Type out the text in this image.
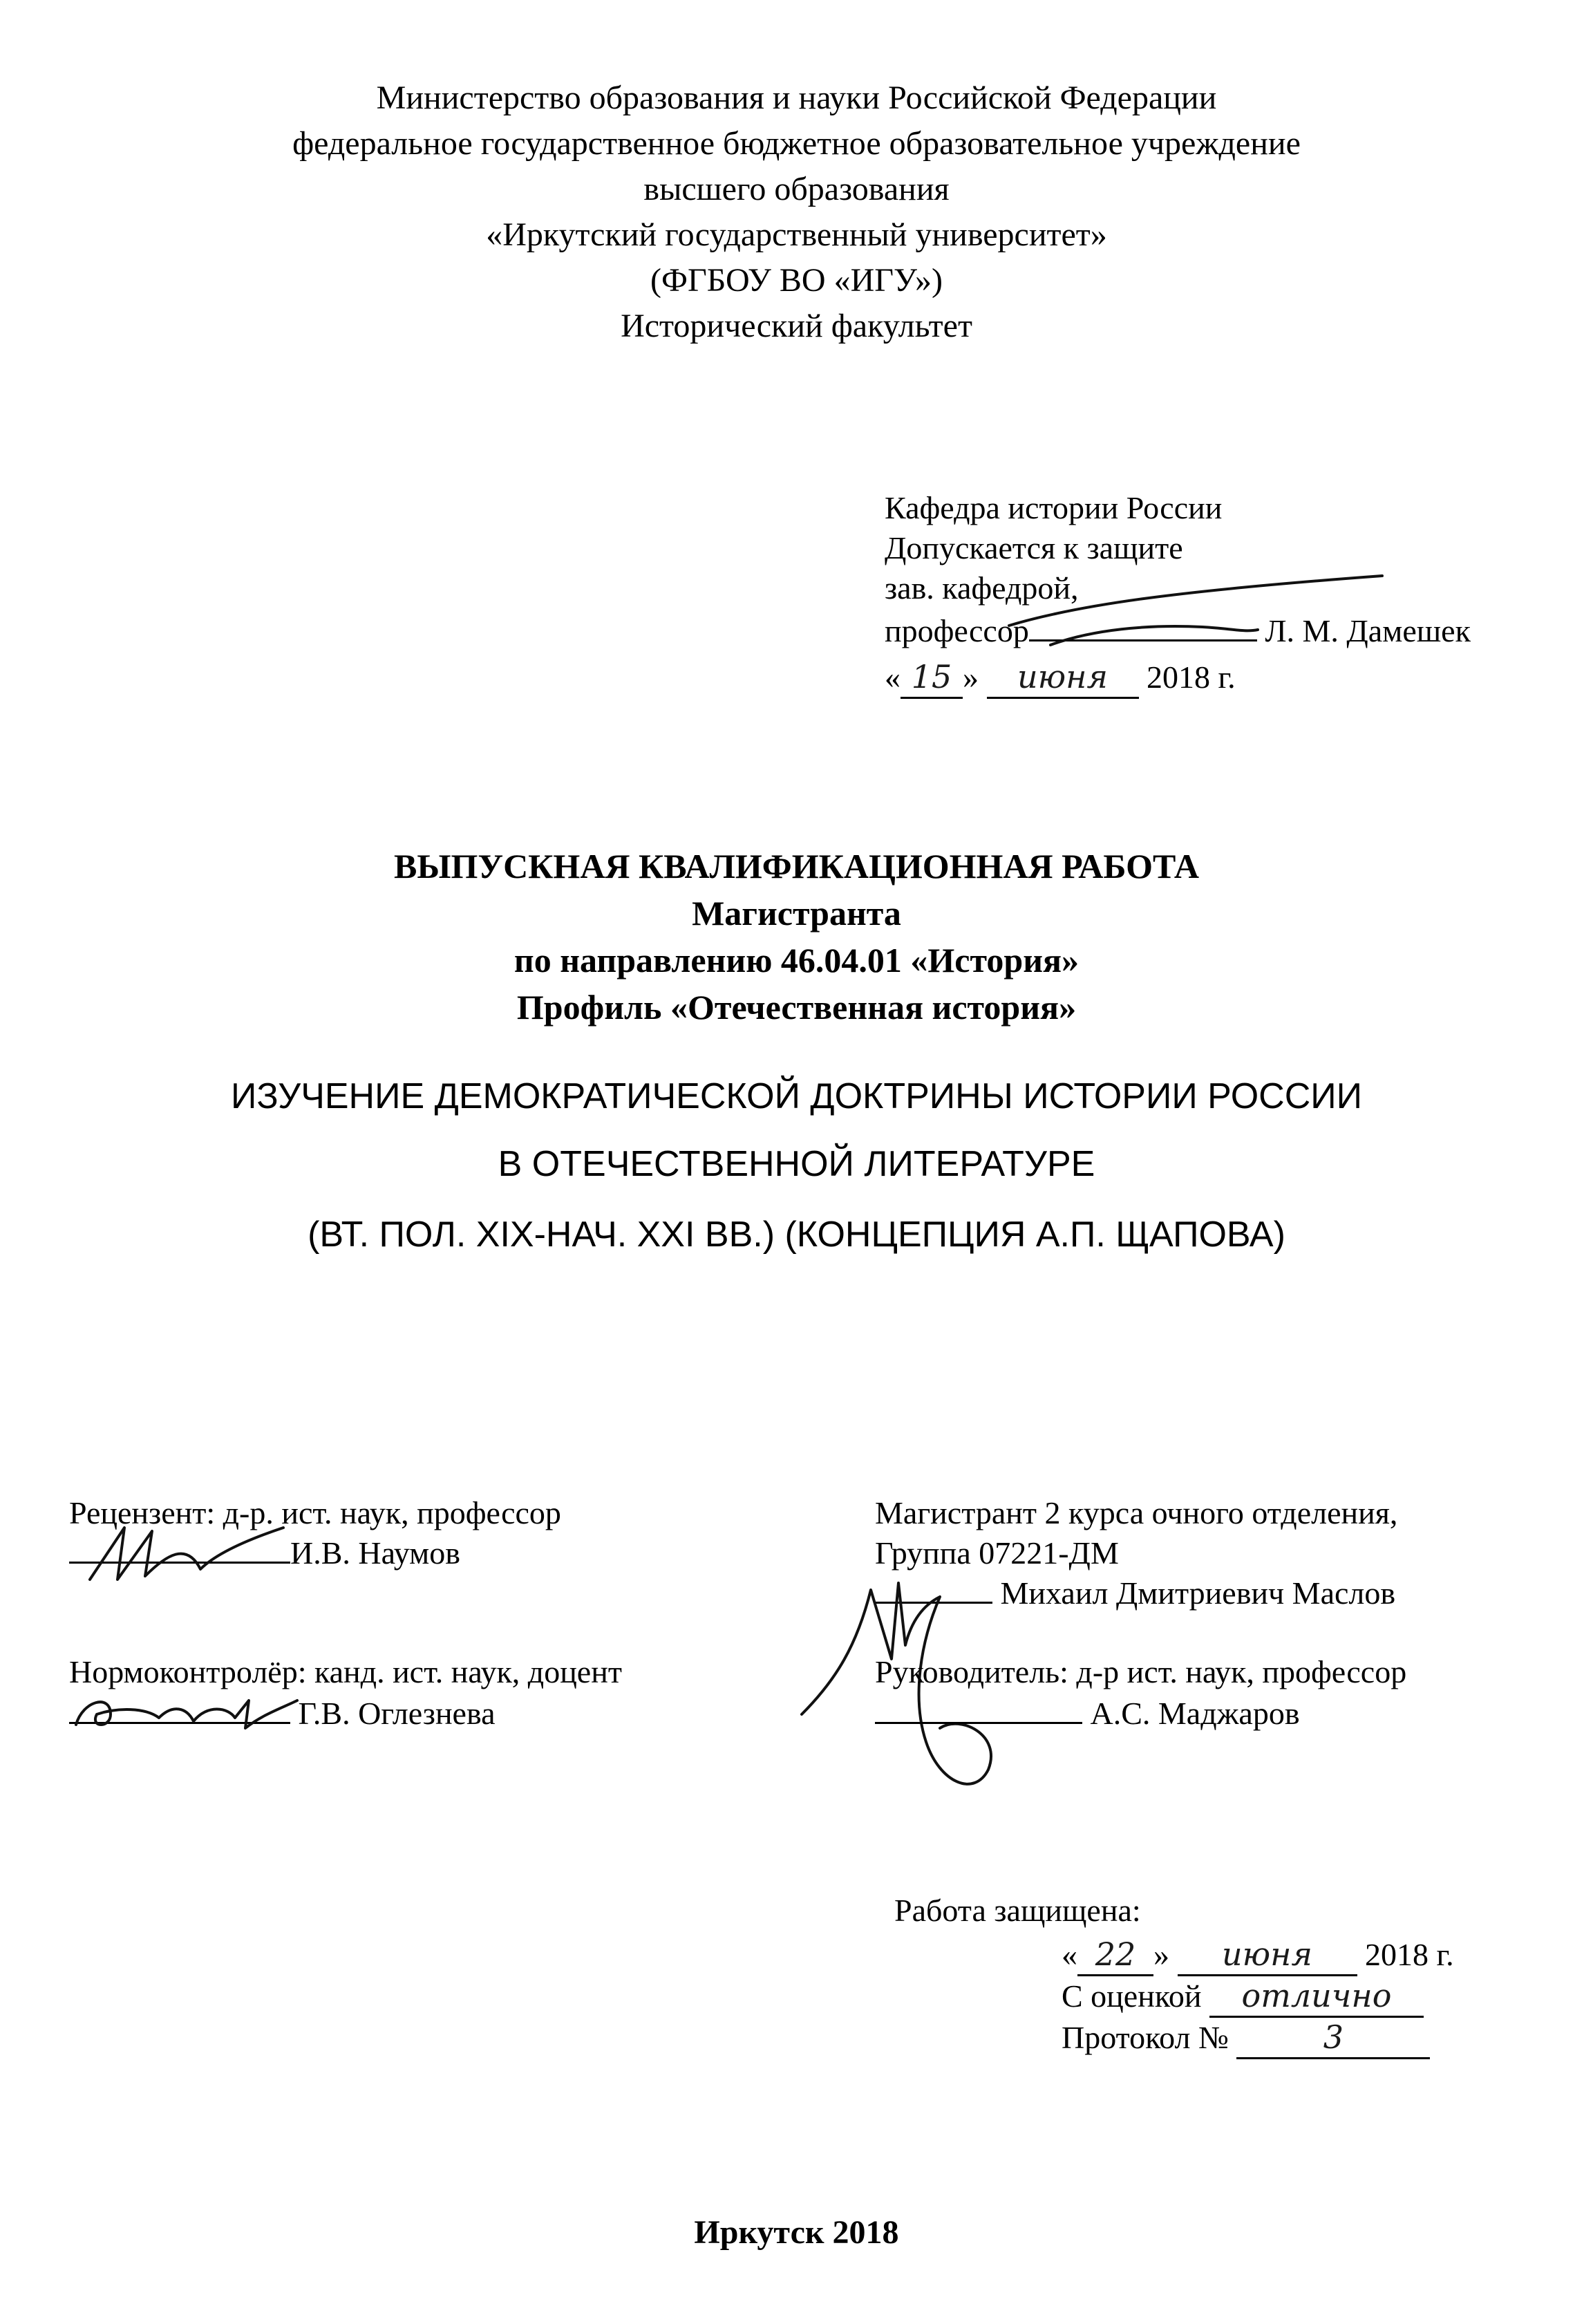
Министерство образования и науки Российской Федерации
федеральное государственное бюджетное образовательное учреждение
высшего образования
«Иркутский государственный университет»
(ФГБОУ ВО «ИГУ»)
Исторический факультет
Кафедра истории России
Допускается к защите
зав. кафедрой,
профессор	Л. М. Дамешек
« 15 » июня 2018 г.
ВЫПУСКНАЯ КВАЛИФИКАЦИОННАЯ РАБОТА
Магистранта
по направлению 46.04.01 «История»
Профиль «Отечественная история»
ИЗУЧЕНИЕ ДЕМОКРАТИЧЕСКОЙ ДОКТРИНЫ ИСТОРИИ РОССИИ
В ОТЕЧЕСТВЕННОЙ ЛИТЕРАТУРЕ
(ВТ. ПОЛ. XIX-НАЧ. XXI ВВ.) (КОНЦЕПЦИЯ А.П. ЩАПОВА)
Рецензент: д-р. ист. наук, профессор
И.В. Наумов
Нормоконтролёр: канд. ист. наук, доцент
Г.В. Оглезнева
Магистрант 2 курса очного отделения,
Группа 07221-ДМ
Михаил Дмитриевич Маслов
Руководитель: д-р ист. наук, профессор
А.С. Маджаров
Работа защищена:
« 22 » июня 2018 г.
С оценкой отлично
Протокол №	3
Иркутск 2018
